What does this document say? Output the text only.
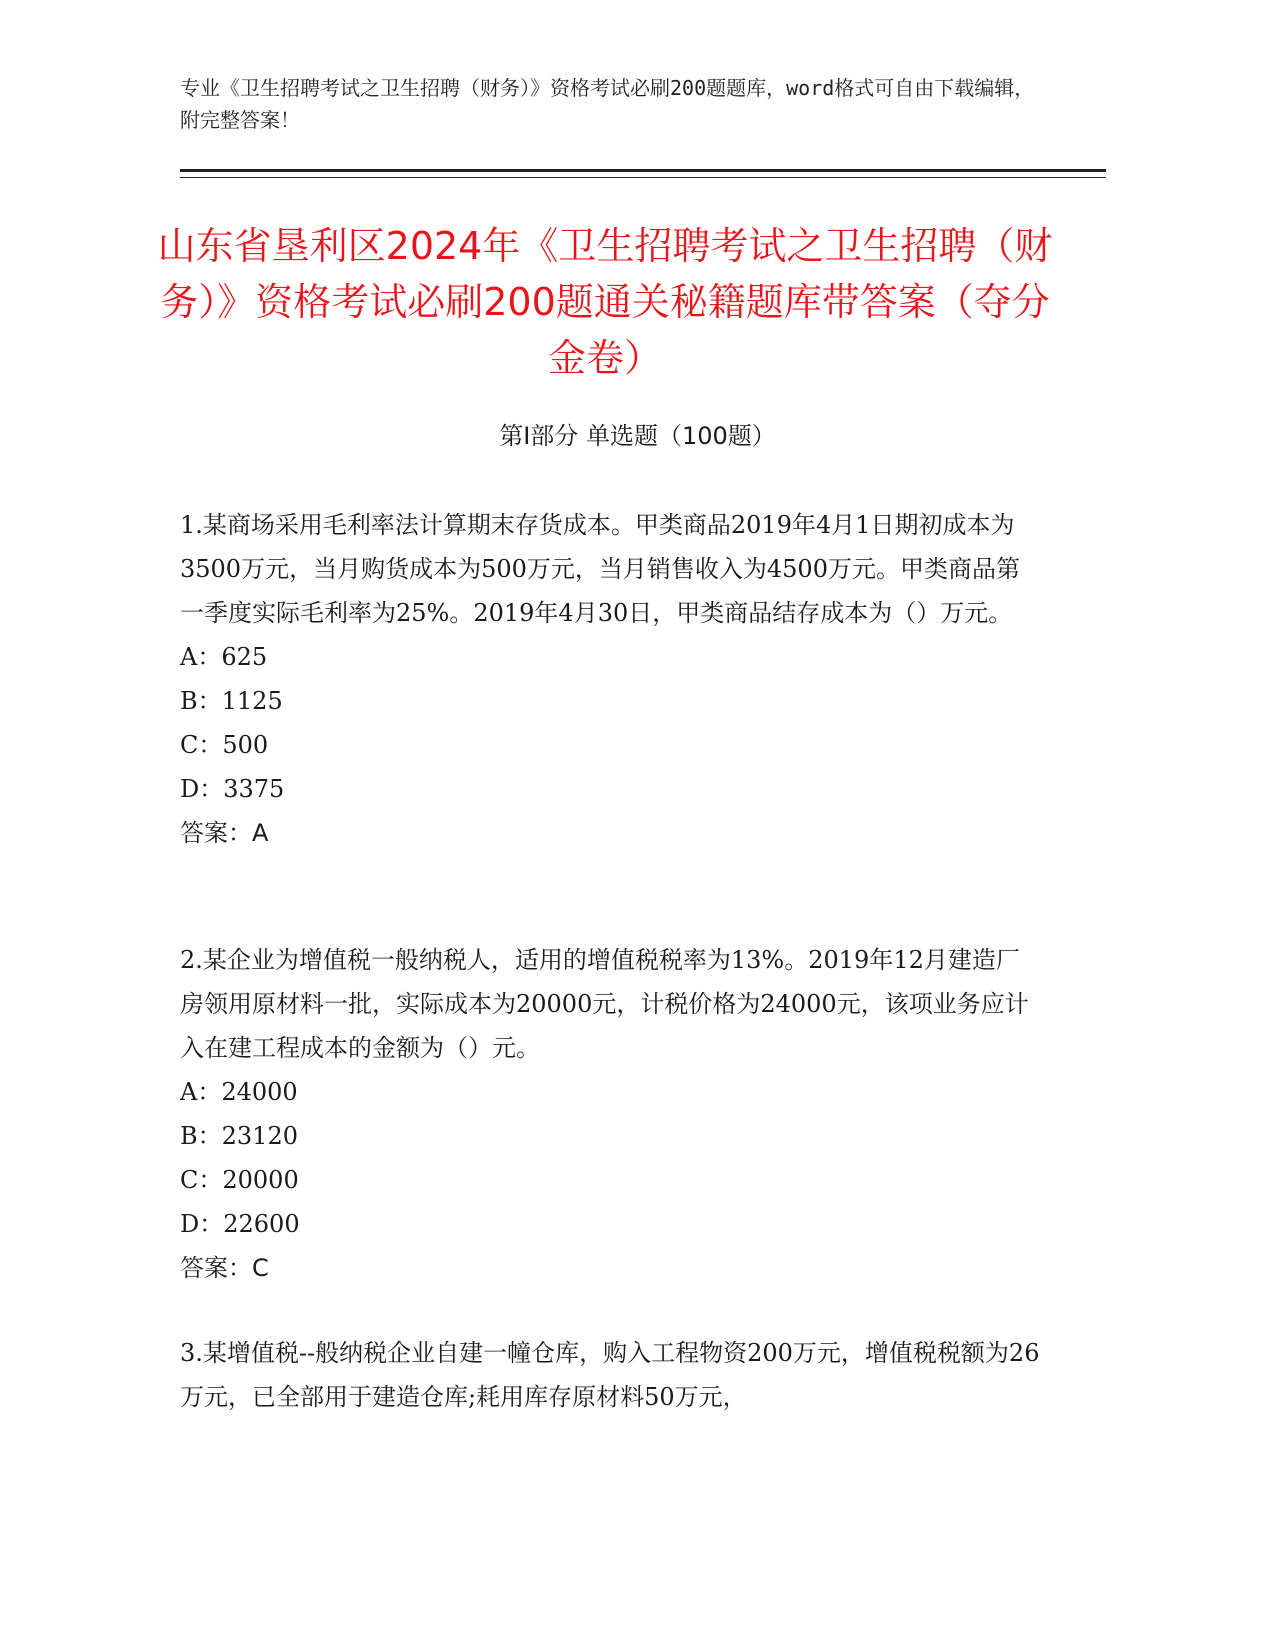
专业《卫生招聘考试之卫生招聘（财务）》资格考试必刷200题题库，word格式可自由下载编辑，附完整答案！
山东省垦利区2024年《卫生招聘考试之卫生招聘（财务）》资格考试必刷200题通关秘籍题库带答案（夺分金卷）
第Ⅰ部分 单选题（100题）

1.某商场采用毛利率法计算期末存货成本。甲类商品2019年4月1日期初成本为3500万元，当月购货成本为500万元，当月销售收入为4500万元。甲类商品第一季度实际毛利率为25%。2019年4月30日，甲类商品结存成本为（）万元。

A：625

B：1125

C：500

D：3375

答案：A

2.某企业为增值税一般纳税人，适用的增值税税率为13%。2019年12月建造厂房领用原材料一批，实际成本为20000元，计税价格为24000元，该项业务应计入在建工程成本的金额为（）元。

A：24000

B：23120

C：20000

D：22600

答案：C

3.某增值税--般纳税企业自建一幢仓库，购入工程物资200万元，增值税税额为26万元，已全部用于建造仓库;耗用库存原材料50万元，
